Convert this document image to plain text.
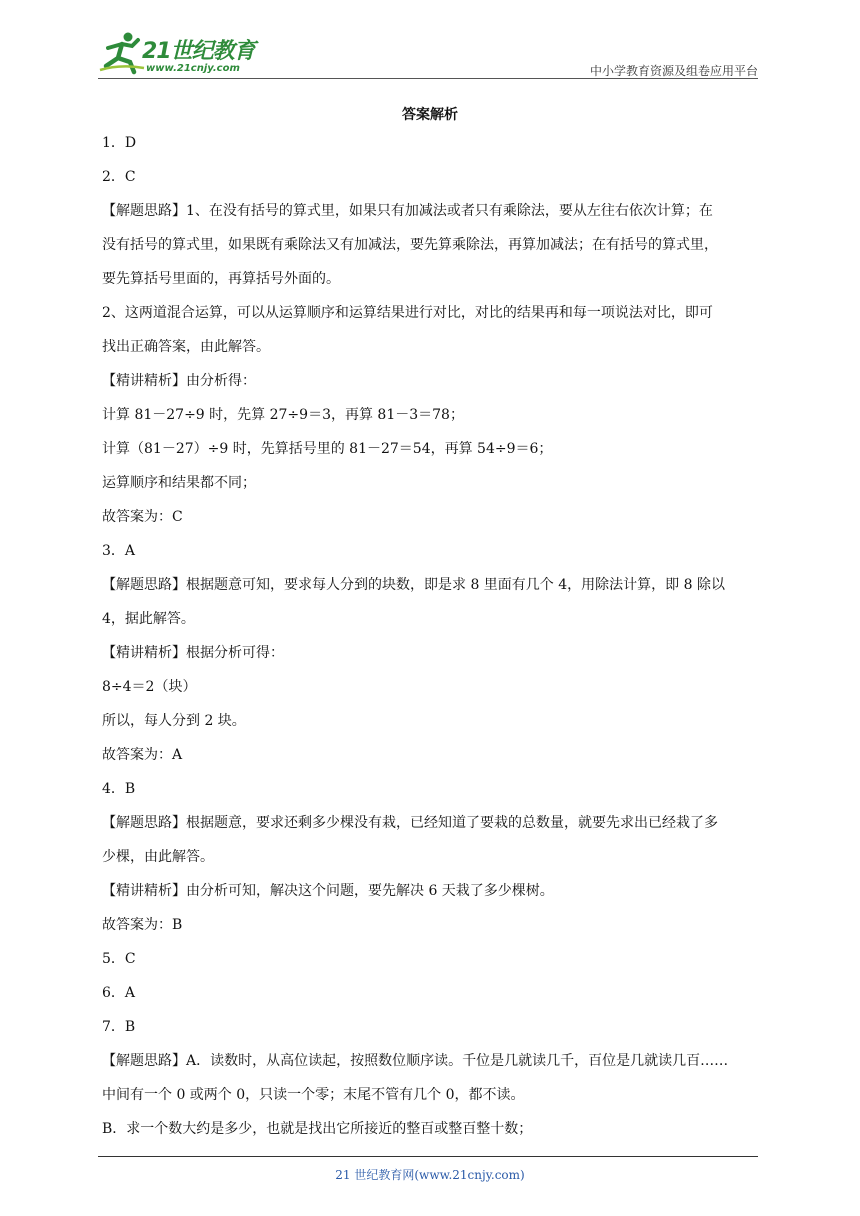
21世纪教育
www.21cnjy.com	中小学教育资源及组卷应用平台
答案解析
1．D
2．C
【解题思路】1、在没有括号的算式里，如果只有加减法或者只有乘除法，要从左往右依次计算；在
没有括号的算式里，如果既有乘除法又有加减法，要先算乘除法，再算加减法；在有括号的算式里，
要先算括号里面的，再算括号外面的。
2、这两道混合运算，可以从运算顺序和运算结果进行对比，对比的结果再和每一项说法对比，即可
找出正确答案，由此解答。
【精讲精析】由分析得：
计算 81－27÷9 时，先算 27÷9＝3，再算 81－3＝78；
计算（81－27）÷9 时，先算括号里的 81－27＝54，再算 54÷9＝6；
运算顺序和结果都不同；
故答案为：C
3．A
【解题思路】根据题意可知，要求每人分到的块数，即是求 8 里面有几个 4，用除法计算，即 8 除以
4，据此解答。
【精讲精析】根据分析可得：
8÷4＝2（块）
所以，每人分到 2 块。
故答案为：A
4．B
【解题思路】根据题意，要求还剩多少棵没有栽，已经知道了要栽的总数量，就要先求出已经栽了多
少棵，由此解答。
【精讲精析】由分析可知，解决这个问题，要先解决 6 天栽了多少棵树。
故答案为：B
5．C
6．A
7．B
【解题思路】A．读数时，从高位读起，按照数位顺序读。千位是几就读几千，百位是几就读几百……
中间有一个 0 或两个 0，只读一个零；末尾不管有几个 0，都不读。
B．求一个数大约是多少，也就是找出它所接近的整百或整百整十数；
21 世纪教育网(www.21cnjy.com)
